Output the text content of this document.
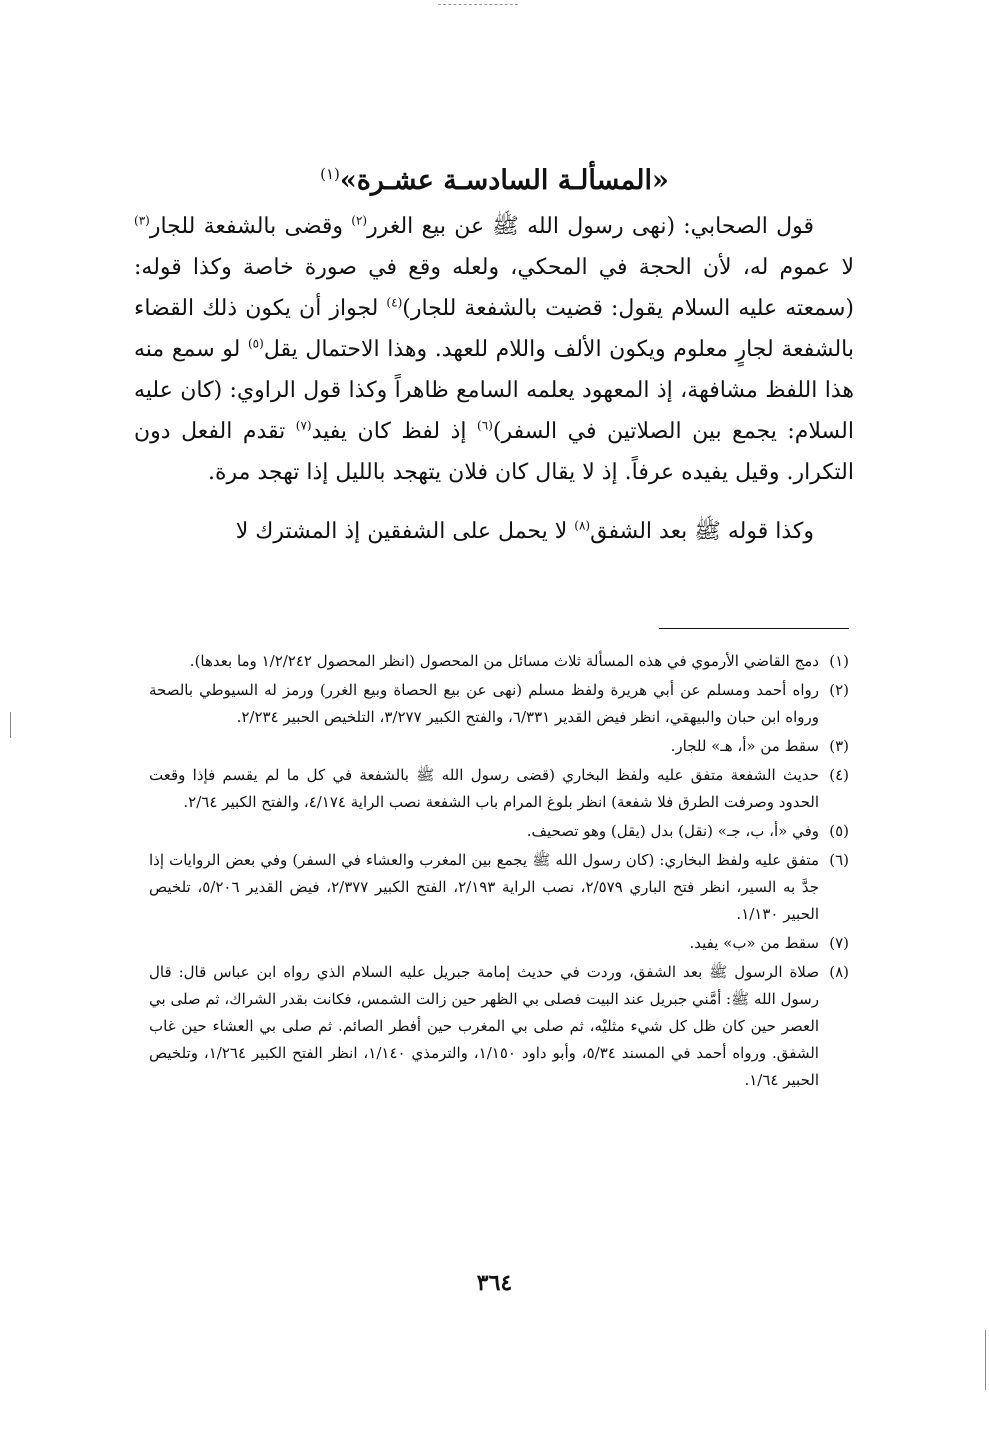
«المسألـة السادسـة عشـرة»$^{(١)}$

قول الصحابي: (نهى رسول الله ﷺ عن بيع الغرر$^{(٢)}$ وقضى بالشفعة للجار$^{(٣)}$ لا عموم له، لأن الحجة في المحكي، ولعله وقع في صورة خاصة وكذا قوله: (سمعته عليه السلام يقول: قضيت بالشفعة للجار)$^{(٤)}$ لجواز أن يكون ذلك القضاء بالشفعة لجارٍ معلوم ويكون الألف واللام للعهد. وهذا الاحتمال يقل$^{(٥)}$ لو سمع منه هذا اللفظ مشافهة، إذ المعهود يعلمه السامع ظاهراً وكذا قول الراوي: (كان عليه السلام: يجمع بين الصلاتين في السفر)$^{(٦)}$ إذ لفظ كان يفيد$^{(٧)}$ تقدم الفعل دون التكرار. وقيل يفيده عرفاً. إذ لا يقال كان فلان يتهجد بالليل إذا تهجد مرة.

وكذا قوله ﷺ بعد الشفق$^{(٨)}$ لا يحمل على الشفقين إذ المشترك لا

(١)
دمج القاضي الأرموي في هذه المسألة ثلاث مسائل من المحصول (انظر المحصول ١/٢/٢٤٢ وما بعدها).
(٢)
رواه أحمد ومسلم عن أبي هريرة ولفظ مسلم (نهى عن بيع الحصاة وبيع الغرر) ورمز له السيوطي بالصحة ورواه ابن حبان والبيهقي، انظر فيض القدير ٦/٣٣١، والفتح الكبير ٣/٢٧٧، التلخيص الحبير ٢/٢٣٤.
(٣)
سقط من «أ، هـ» للجار.
(٤)
حديث الشفعة متفق عليه ولفظ البخاري (قضى رسول الله ﷺ بالشفعة في كل ما لم يقسم فإذا وقعت الحدود وصرفت الطرق فلا شفعة) انظر بلوغ المرام باب الشفعة نصب الراية ٤/١٧٤، والفتح الكبير ٢/٦٤.
(٥)
وفي «أ، ب، جـ» (نقل) بدل (يقل) وهو تصحيف.
(٦)
متفق عليه ولفظ البخاري: (كان رسول الله ﷺ يجمع بين المغرب والعشاء في السفر) وفي بعض الروايات إذا جدَّ به السير، انظر فتح الباري ٢/٥٧٩، نصب الراية ٢/١٩٣، الفتح الكبير ٢/٣٧٧، فيض القدير ٥/٢٠٦، تلخيص الحبير ١/١٣٠.
(٧)
سقط من «ب» يفيد.
(٨)
صلاة الرسول ﷺ بعد الشفق، وردت في حديث إمامة جبريل عليه السلام الذي رواه ابن عباس قال: قال رسول الله ﷺ: أمَّني جبريل عند البيت فصلى بي الظهر حين زالت الشمس، فكانت بقدر الشراك، ثم صلى بي العصر حين كان ظل كل شيء مثليْه، ثم صلى بي المغرب حين أفطر الصائم. ثم صلى بي العشاء حين غاب الشفق. ورواه أحمد في المسند ٥/٣٤، وأبو داود ١/١٥٠، والترمذي ١/١٤٠، انظر الفتح الكبير ١/٢٦٤، وتلخيص الحبير ١/٦٤.
٣٦٤
